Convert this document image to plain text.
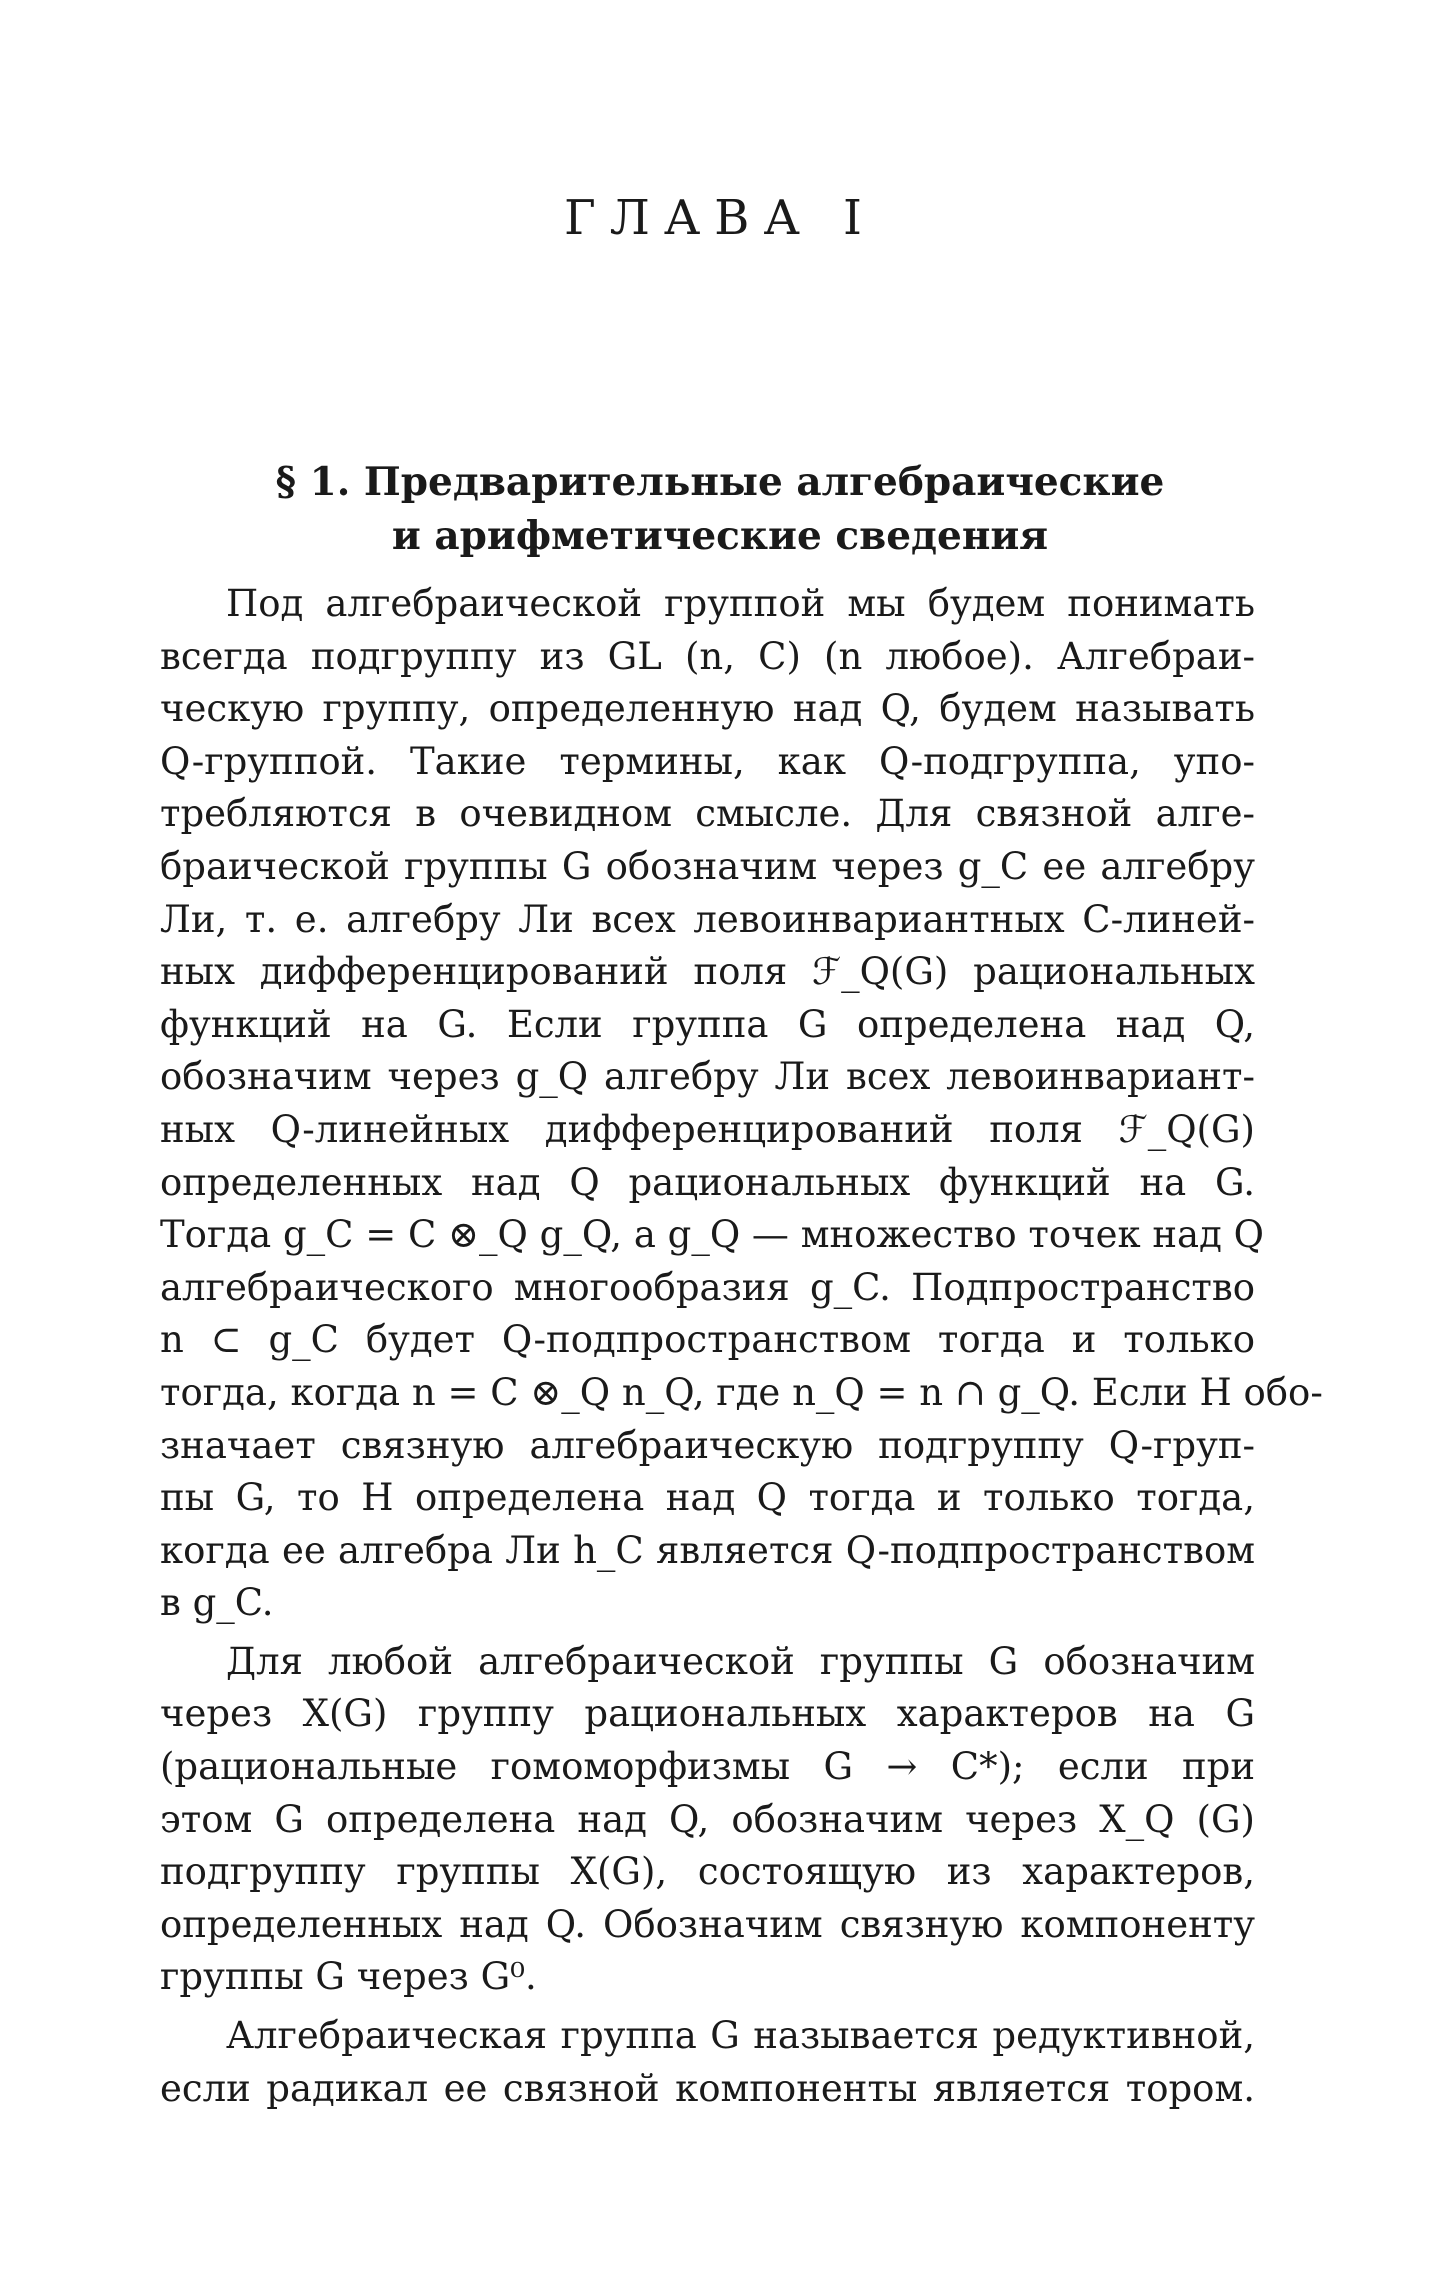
ГЛАВА I
§ 1. Предварительные алгебраические
и арифметические сведения
Под алгебраической группой мы будем понимать
всегда подгруппу из GL (n, C) (n любое). Алгебраи-
ческую группу, определенную над Q, будем называть
Q-группой. Такие термины, как Q-подгруппа, упо-
требляются в очевидном смысле. Для связной алге-
браической группы G обозначим через g_C ее алгебру
Ли, т. е. алгебру Ли всех левоинвариантных C-линей-
ных дифференцирований поля ℱ_Q(G) рациональных
функций на G. Если группа G определена над Q,
обозначим через g_Q алгебру Ли всех левоинвариант-
ных Q-линейных дифференцирований поля ℱ_Q(G)
определенных над Q рациональных функций на G.
Тогда g_C = C ⊗_Q g_Q, а g_Q — множество точек над Q
алгебраического многообразия g_C. Подпространство
n ⊂ g_C будет Q-подпространством тогда и только
тогда, когда n = C ⊗_Q n_Q, где n_Q = n ∩ g_Q. Если H обо-
значает связную алгебраическую подгруппу Q-груп-
пы G, то H определена над Q тогда и только тогда,
когда ее алгебра Ли h_C является Q-подпространством
в g_C.
Для любой алгебраической группы G обозначим
через X(G) группу рациональных характеров на G
(рациональные гомоморфизмы G → C*); если при
этом G определена над Q, обозначим через X_Q (G)
подгруппу группы X(G), состоящую из характеров,
определенных над Q. Обозначим связную компоненту
группы G через G⁰.
Алгебраическая группа G называется редуктивной,
если радикал ее связной компоненты является тором.
